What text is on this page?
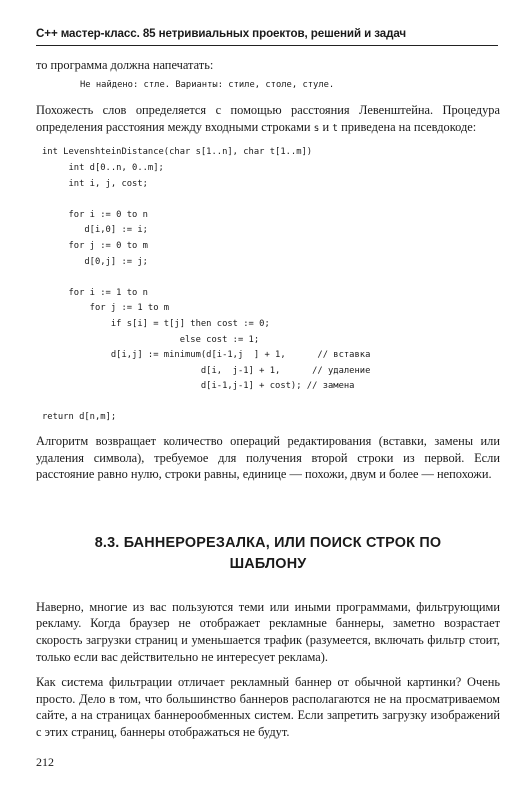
C++ мастер-класс. 85 нетривиальных проектов, решений и задач

то программа должна напечатать:

Не найдено: стле. Варианты: стиле, столе, стуле.

Похожесть слов определяется с помощью расстояния Левенштейна. Процедура определения расстояния между входными строками s и t приведена на псевдокоде:

int LevenshteinDistance(char s[1..n], char t[1..m])
int d[0..n, 0..m];
int i, j, cost;

for i := 0 to n
d[i,0] := i;
for j := 0 to m
d[0,j] := j;

for i := 1 to n
for j := 1 to m
if s[i] = t[j] then cost := 0;
else cost := 1;
d[i,j] := minimum(d[i-1,j  ] + 1,      // вставка
d[i,  j-1] + 1,      // удаление
d[i-1,j-1] + cost); // замена

return d[n,m];

Алгоритм возвращает количество операций редактирования (вставки, замены или удаления символа), требуемое для получения второй строки из первой. Если расстояние равно нулю, строки равны, единице — похожи, двум и более — непохожи.

8.3. БАННЕРОРЕЗАЛКА, ИЛИ ПОИСК СТРОК ПО

ШАБЛОНУ

Наверно, многие из вас пользуются теми или иными программами, фильтрующими рекламу. Когда браузер не отображает рекламные баннеры, заметно возрастает скорость загрузки страниц и уменьшается трафик (разумеется, включать фильтр стоит, только если вас действительно не интересует реклама).

Как система фильтрации отличает рекламный баннер от обычной картинки? Очень просто. Дело в том, что большинство баннеров располагаются не на просматриваемом сайте, а на страницах баннерообменных систем. Если запретить загрузку изображений с этих страниц, баннеры отображаться не будут.

212
